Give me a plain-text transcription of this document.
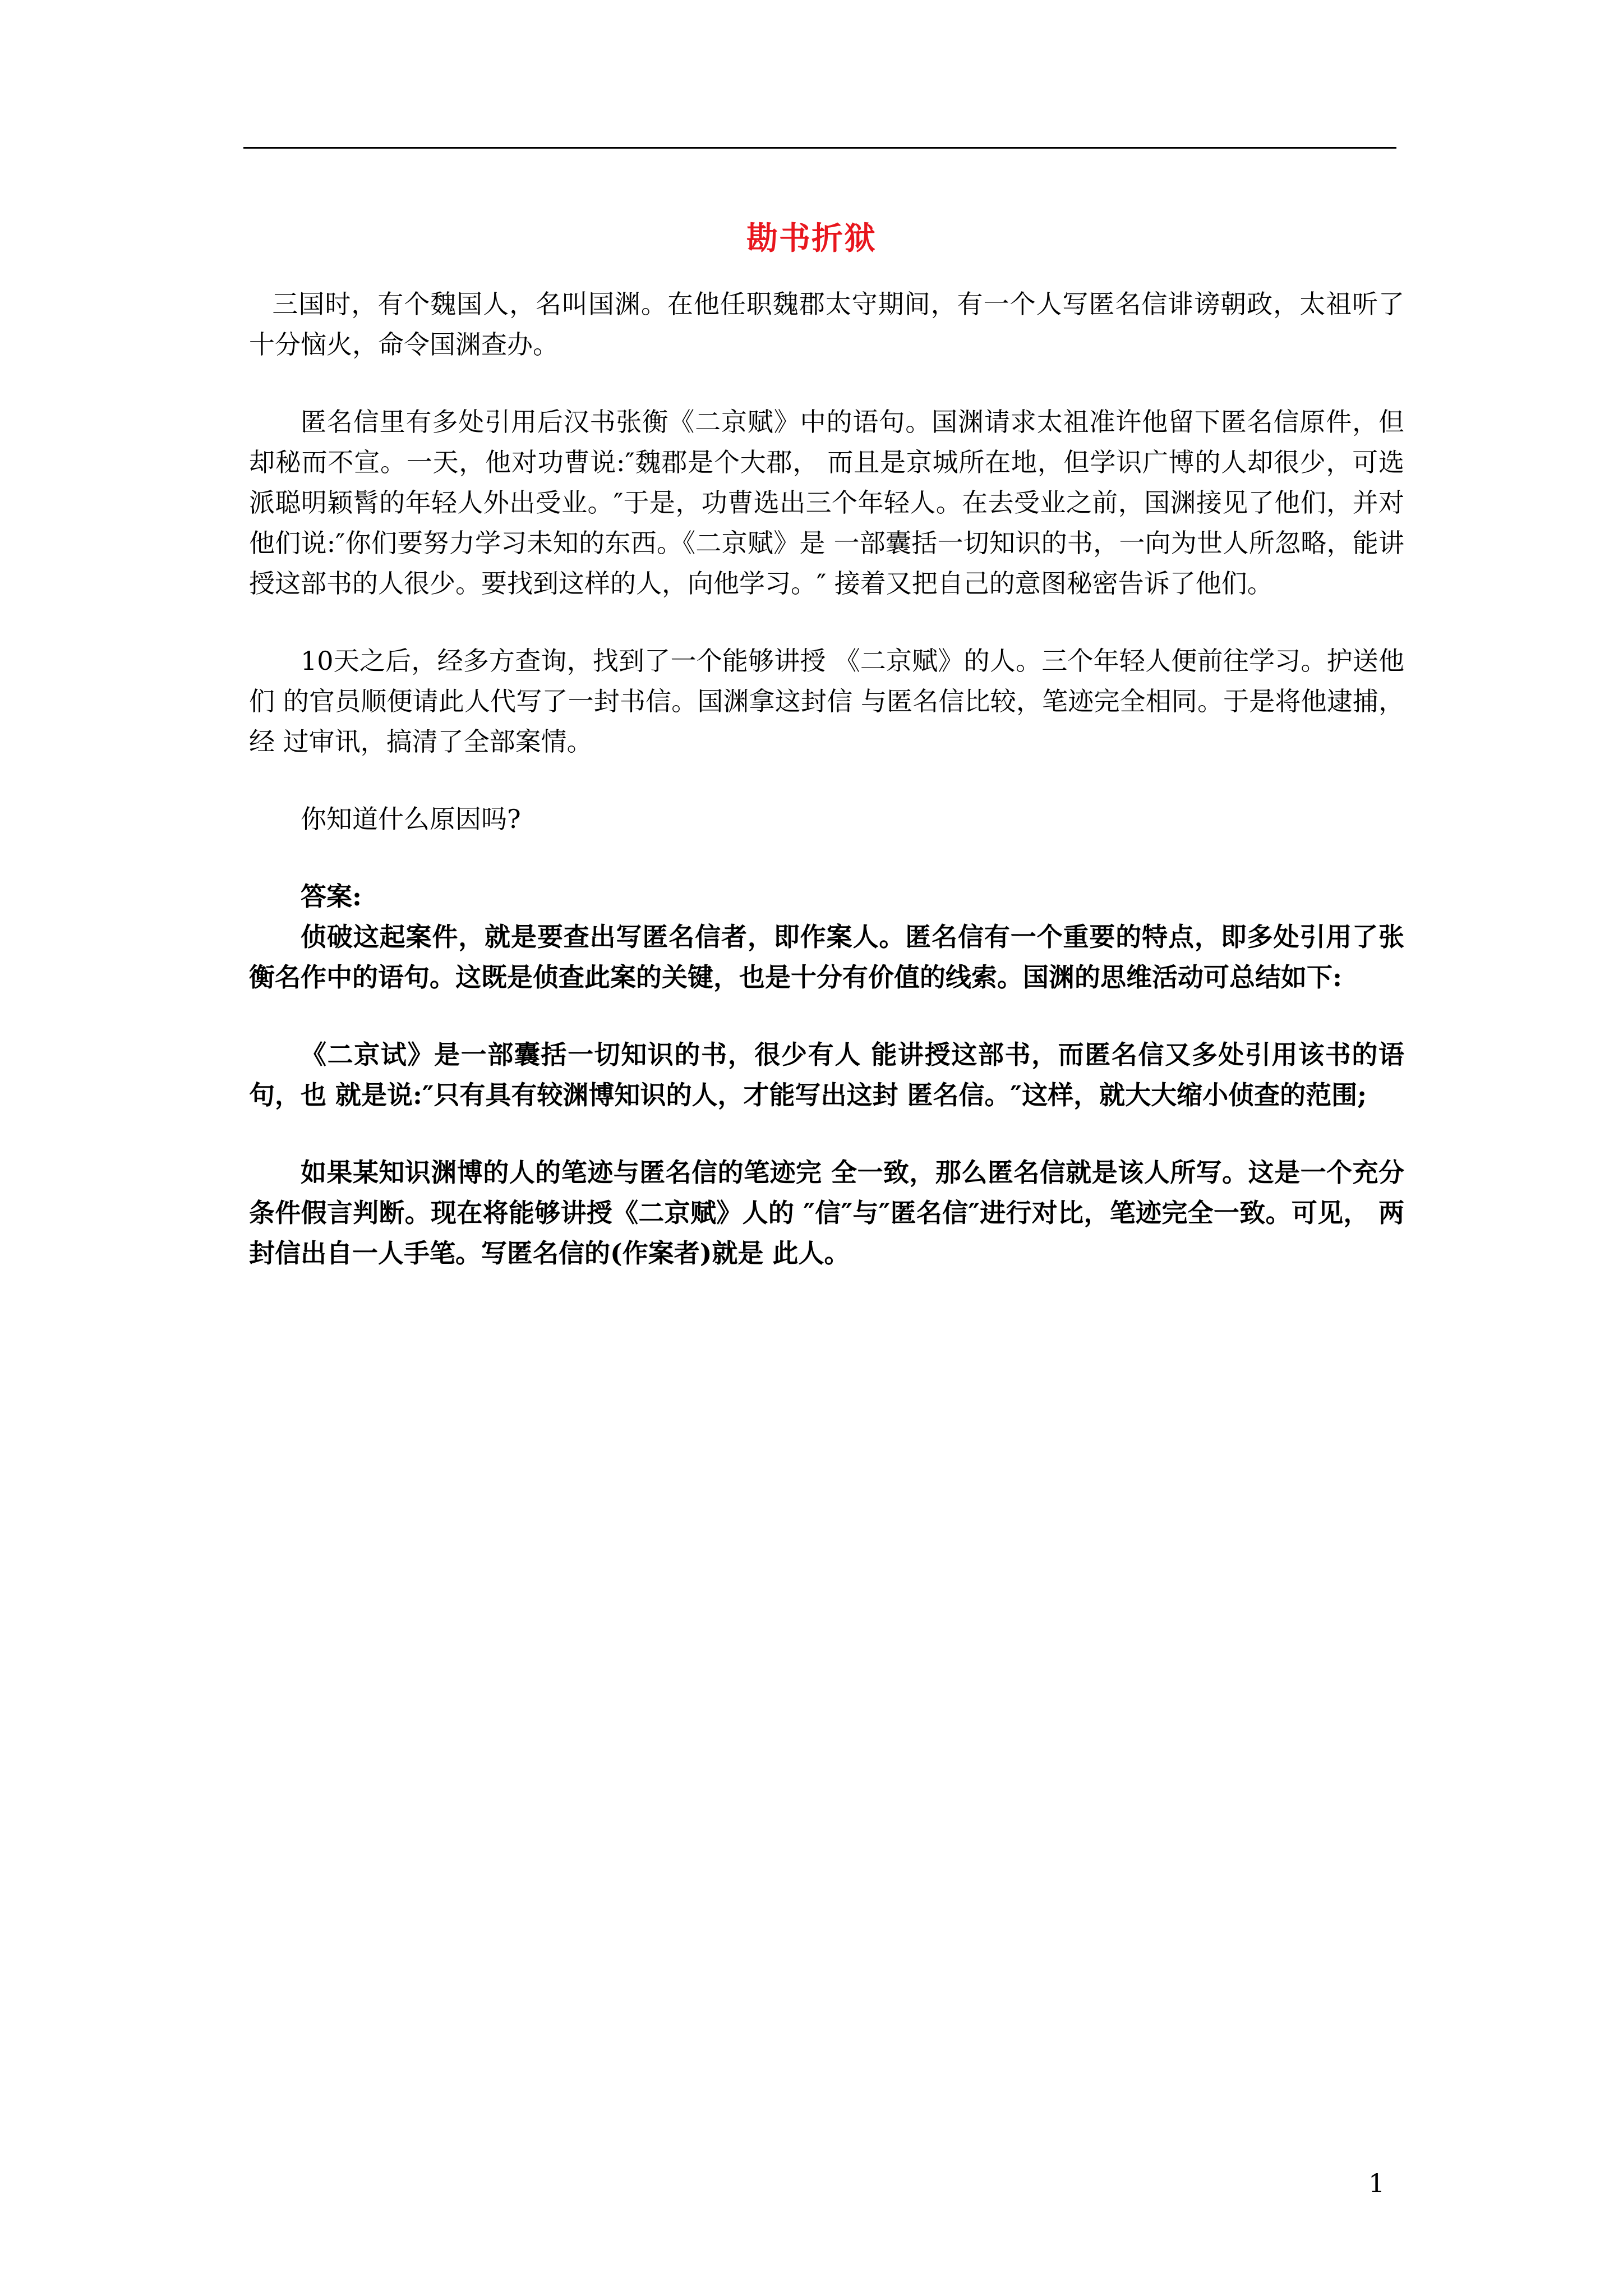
勘书折狱

三国时，有个魏国人，名叫国渊。在他任职魏郡太守期间，有一个人写匿名信诽谤朝政，太祖听了十分恼火，命令国渊查办。

匿名信里有多处引用后汉书张衡《二京赋》中的语句。国渊请求太祖准许他留下匿名信原件，但 却秘而不宣。一天，他对功曹说:″魏郡是个大郡， 而且是京城所在地，但学识广博的人却很少，可选派聪明颖髾的年轻人外出受业。″于是，功曹选出三个年轻人。在去受业之前，国渊接见了他们，并对 他们说:″你们要努力学习未知的东西。《二京赋》是 一部囊括一切知识的书，一向为世人所忽略，能讲 授这部书的人很少。要找到这样的人，向他学习。″ 接着又把自己的意图秘密告诉了他们。

10天之后，经多方查询，找到了一个能够讲授 《二京赋》的人。三个年轻人便前往学习。护送他们 的官员顺便请此人代写了一封书信。国渊拿这封信 与匿名信比较，笔迹完全相同。于是将他逮捕，经 过审讯，搞清了全部案情。

你知道什么原因吗?

答案:

侦破这起案件，就是要查出写匿名信者，即作案人。匿名信有一个重要的特点，即多处引用了张衡名作中的语句。这既是侦查此案的关键，也是十分有价值的线索。国渊的思维活动可总结如下:

《二京试》是一部囊括一切知识的书，很少有人 能讲授这部书，而匿名信又多处引用该书的语句，也 就是说:″只有具有较渊博知识的人，才能写出这封 匿名信。″这样，就大大缩小侦查的范围;

如果某知识渊博的人的笔迹与匿名信的笔迹完 全一致，那么匿名信就是该人所写。这是一个充分条件假言判断。现在将能够讲授《二京赋》人的 ″信″与″匿名信″进行对比，笔迹完全一致。可见， 两封信出自一人手笔。写匿名信的(作案者)就是 此人。

1
